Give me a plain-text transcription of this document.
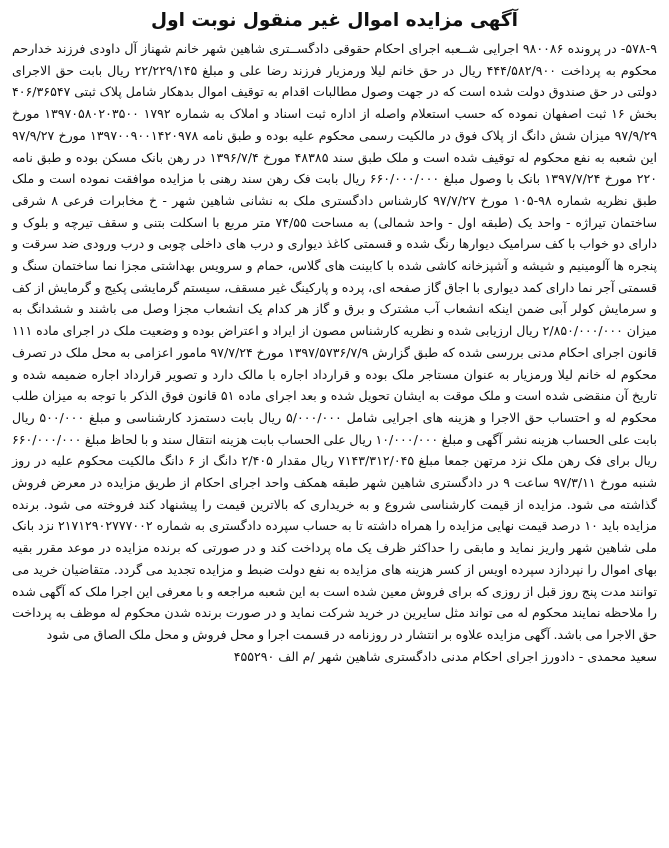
آگهی مزایده اموال غیر منقول نوبت اول

۵۷۸-۹- در پرونده ۹۸۰۰۸۶ اجرایی شــعبه اجرای احکام حقوقی دادگســتری شاهین شهر خانم شهناز آل داودی فرزند خدارحم محکوم به پرداخت ۴۴۴/۵۸۲/۹۰۰ ریال در حق خانم لیلا ورمزیار فرزند رضا علی و مبلغ ۲۲/۲۲۹/۱۴۵ ریال بابت حق الاجرای دولتی در حق صندوق دولت شده است که در جهت وصول مطالبات اقدام به توقیف اموال بدهکار شامل پلاک ثبتی ۴۰۶/۳۶۵۴۷ بخش ۱۶ ثبت اصفهان نموده که حسب استعلام واصله از اداره ثبت اسناد و املاک به شماره ۱۷۹۲ ۱۳۹۷۰۵۸۰۲۰۳۵۰۰ مورخ ۹۷/۹/۲۹ میزان شش دانگ از پلاک فوق در مالکیت رسمی محکوم علیه بوده و طبق نامه ۱۳۹۷۰۰۹۰۰۱۴۲۰۹۷۸ مورخ ۹۷/۹/۲۷ این شعبه به نفع محکوم له توقیف شده است و ملک طبق سند ۴۸۳۸۵ مورخ ۱۳۹۶/۷/۴ در رهن بانک مسکن بوده و طبق نامه ۲۲۰ مورخ ۱۳۹۷/۷/۲۴ بانک با وصول مبلغ ۶۶۰/۰۰۰/۰۰۰ ریال بابت فک رهن سند رهنی با مزایده موافقت نموده است و ملک طبق نظریه شماره ۹۸-۱۰۵ مورخ ۹۷/۷/۲۷ کارشناس دادگستری ملک به نشانی شاهین شهر - خ مخابرات فرعی ۸ شرقی ساختمان تیراژه - واحد یک (طبقه اول - واحد شمالی) به مساحت ۷۴/۵۵ متر مربع با اسکلت بتنی و سقف تیرچه و بلوک و دارای دو خواب با کف سرامیک دیوارها رنگ شده و قسمتی کاغذ دیواری و درب های داخلی چوبی و درب ورودی ضد سرقت و پنجره ها آلومینیم و شیشه و آشپزخانه کاشی شده با کابینت های گلاس، حمام و سرویس بهداشتی مجزا نما ساختمان سنگ و قسمتی آجر نما دارای کمد دیواری با اجاق گاز صفحه ای، پرده و پارکینگ غیر مسقف، سیستم گرمایشی پکیج و گرمایش از کف و سرمایش کولر آبی ضمن اینکه انشعاب آب مشترک و برق و گاز هر کدام یک انشعاب مجزا وصل می باشند و ششدانگ به میزان ۲/۸۵۰/۰۰۰/۰۰۰ ریال ارزیابی شده و نظریه کارشناس مصون از ایراد و اعتراض بوده و وضعیت ملک در اجرای ماده ۱۱۱ قانون اجرای احکام مدنی بررسی شده که طبق گزارش ۱۳۹۷/۵۷۳۶/۷/۹ مورخ ۹۷/۷/۲۴ مامور اعزامی به محل ملک در تصرف محکوم له خانم لیلا ورمزیار به عنوان مستاجر ملک بوده و قرارداد اجاره با مالک دارد و تصویر قرارداد اجاره ضمیمه شده و تاریخ آن منقضی شده است و ملک موقت به ایشان تحویل شده و بعد اجرای ماده ۵۱ قانون فوق الذکر با توجه به میزان طلب محکوم له و احتساب حق الاجرا و هزینه های اجرایی شامل ۵/۰۰۰/۰۰۰ ریال بابت دستمزد کارشناسی و مبلغ ۵۰۰/۰۰۰ ریال بابت علی الحساب هزینه نشر آگهی و مبلغ ۱۰/۰۰۰/۰۰۰ ریال علی الحساب بابت هزینه انتقال سند و با لحاظ مبلغ ۶۶۰/۰۰۰/۰۰۰ ریال برای فک رهن ملک نزد مرتهن جمعا مبلغ ۷۱۴۳/۳۱۲/۰۴۵ ریال مقدار ۲/۴۰۵ دانگ از ۶ دانگ مالکیت محکوم علیه در روز شنبه مورخ ۹۷/۳/۱۱ ساعت ۹ در دادگستری شاهین شهر طبقه همکف واحد اجرای احکام از طریق مزایده در معرض فروش گذاشته می شود. مزایده از قیمت کارشناسی شروع و به خریداری که بالاترین قیمت را پیشنهاد کند فروخته می شود. برنده مزایده باید ۱۰ درصد قیمت نهایی مزایده را همراه داشته تا به حساب سپرده دادگستری به شماره ۲۱۷۱۲۹۰۲۷۷۷۰۰۲ نزد بانک ملی شاهین شهر واریز نماید و مابقی را حداکثر ظرف یک ماه پرداخت کند و در صورتی که برنده مزایده در موعد مقرر بقیه بهای اموال را نپردازد سپرده اویس از کسر هزینه های مزایده به نفع دولت ضبط و مزایده تجدید می گردد. متقاضیان خرید می توانند مدت پنج روز قبل از روزی که برای فروش معین شده است به این شعبه مراجعه و با معرفی این اجرا ملک که آگهی شده را ملاحظه نمایند محکوم له می تواند مثل سایرین در خرید شرکت نماید و در صورت برنده شدن محکوم له موظف به پرداخت حق الاجرا می باشد. آگهی مزایده علاوه بر انتشار در روزنامه در قسمت اجرا و محل فروش و محل ملک الصاق می شود

سعید محمدی - دادورز اجرای احکام مدنی دادگستری شاهین شهر /م الف ۴۵۵۲۹۰
